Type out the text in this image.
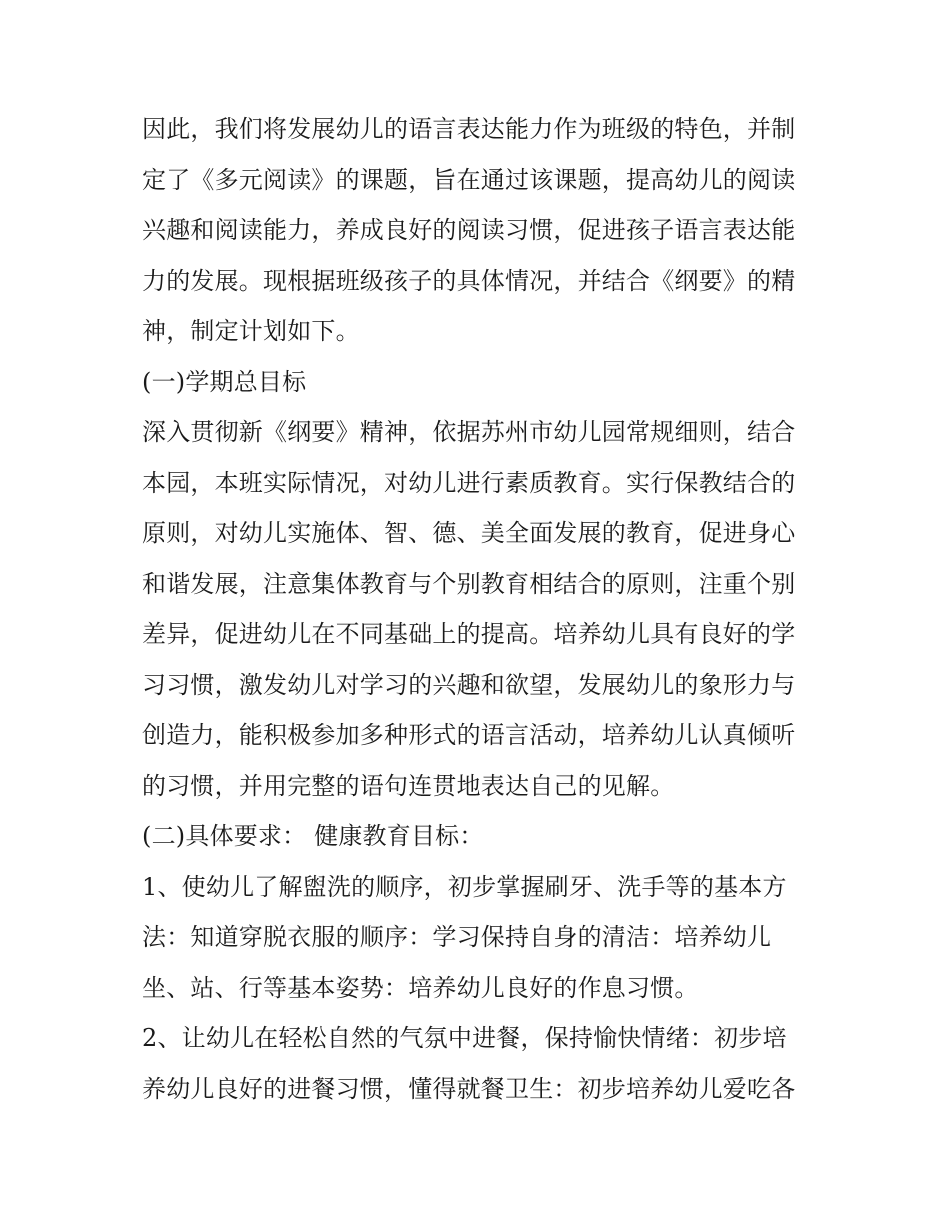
因此，我们将发展幼儿的语言表达能力作为班级的特色，并制
定了《多元阅读》的课题，旨在通过该课题，提高幼儿的阅读
兴趣和阅读能力，养成良好的阅读习惯，促进孩子语言表达能
力的发展。现根据班级孩子的具体情况，并结合《纲要》的精
神，制定计划如下。
(一)学期总目标
深入贯彻新《纲要》精神，依据苏州市幼儿园常规细则，结合
本园，本班实际情况，对幼儿进行素质教育。实行保教结合的
原则，对幼儿实施体、智、德、美全面发展的教育，促进身心
和谐发展，注意集体教育与个别教育相结合的原则，注重个别
差异，促进幼儿在不同基础上的提高。培养幼儿具有良好的学
习习惯，激发幼儿对学习的兴趣和欲望，发展幼儿的象形力与
创造力，能积极参加多种形式的语言活动，培养幼儿认真倾听
的习惯，并用完整的语句连贯地表达自己的见解。
(二)具体要求： 健康教育目标：
1、使幼儿了解盥洗的顺序，初步掌握刷牙、洗手等的基本方
法：知道穿脱衣服的顺序：学习保持自身的清洁：培养幼儿
坐、站、行等基本姿势：培养幼儿良好的作息习惯。
2、让幼儿在轻松自然的气氛中进餐，保持愉快情绪：初步培
养幼儿良好的进餐习惯，懂得就餐卫生：初步培养幼儿爱吃各
